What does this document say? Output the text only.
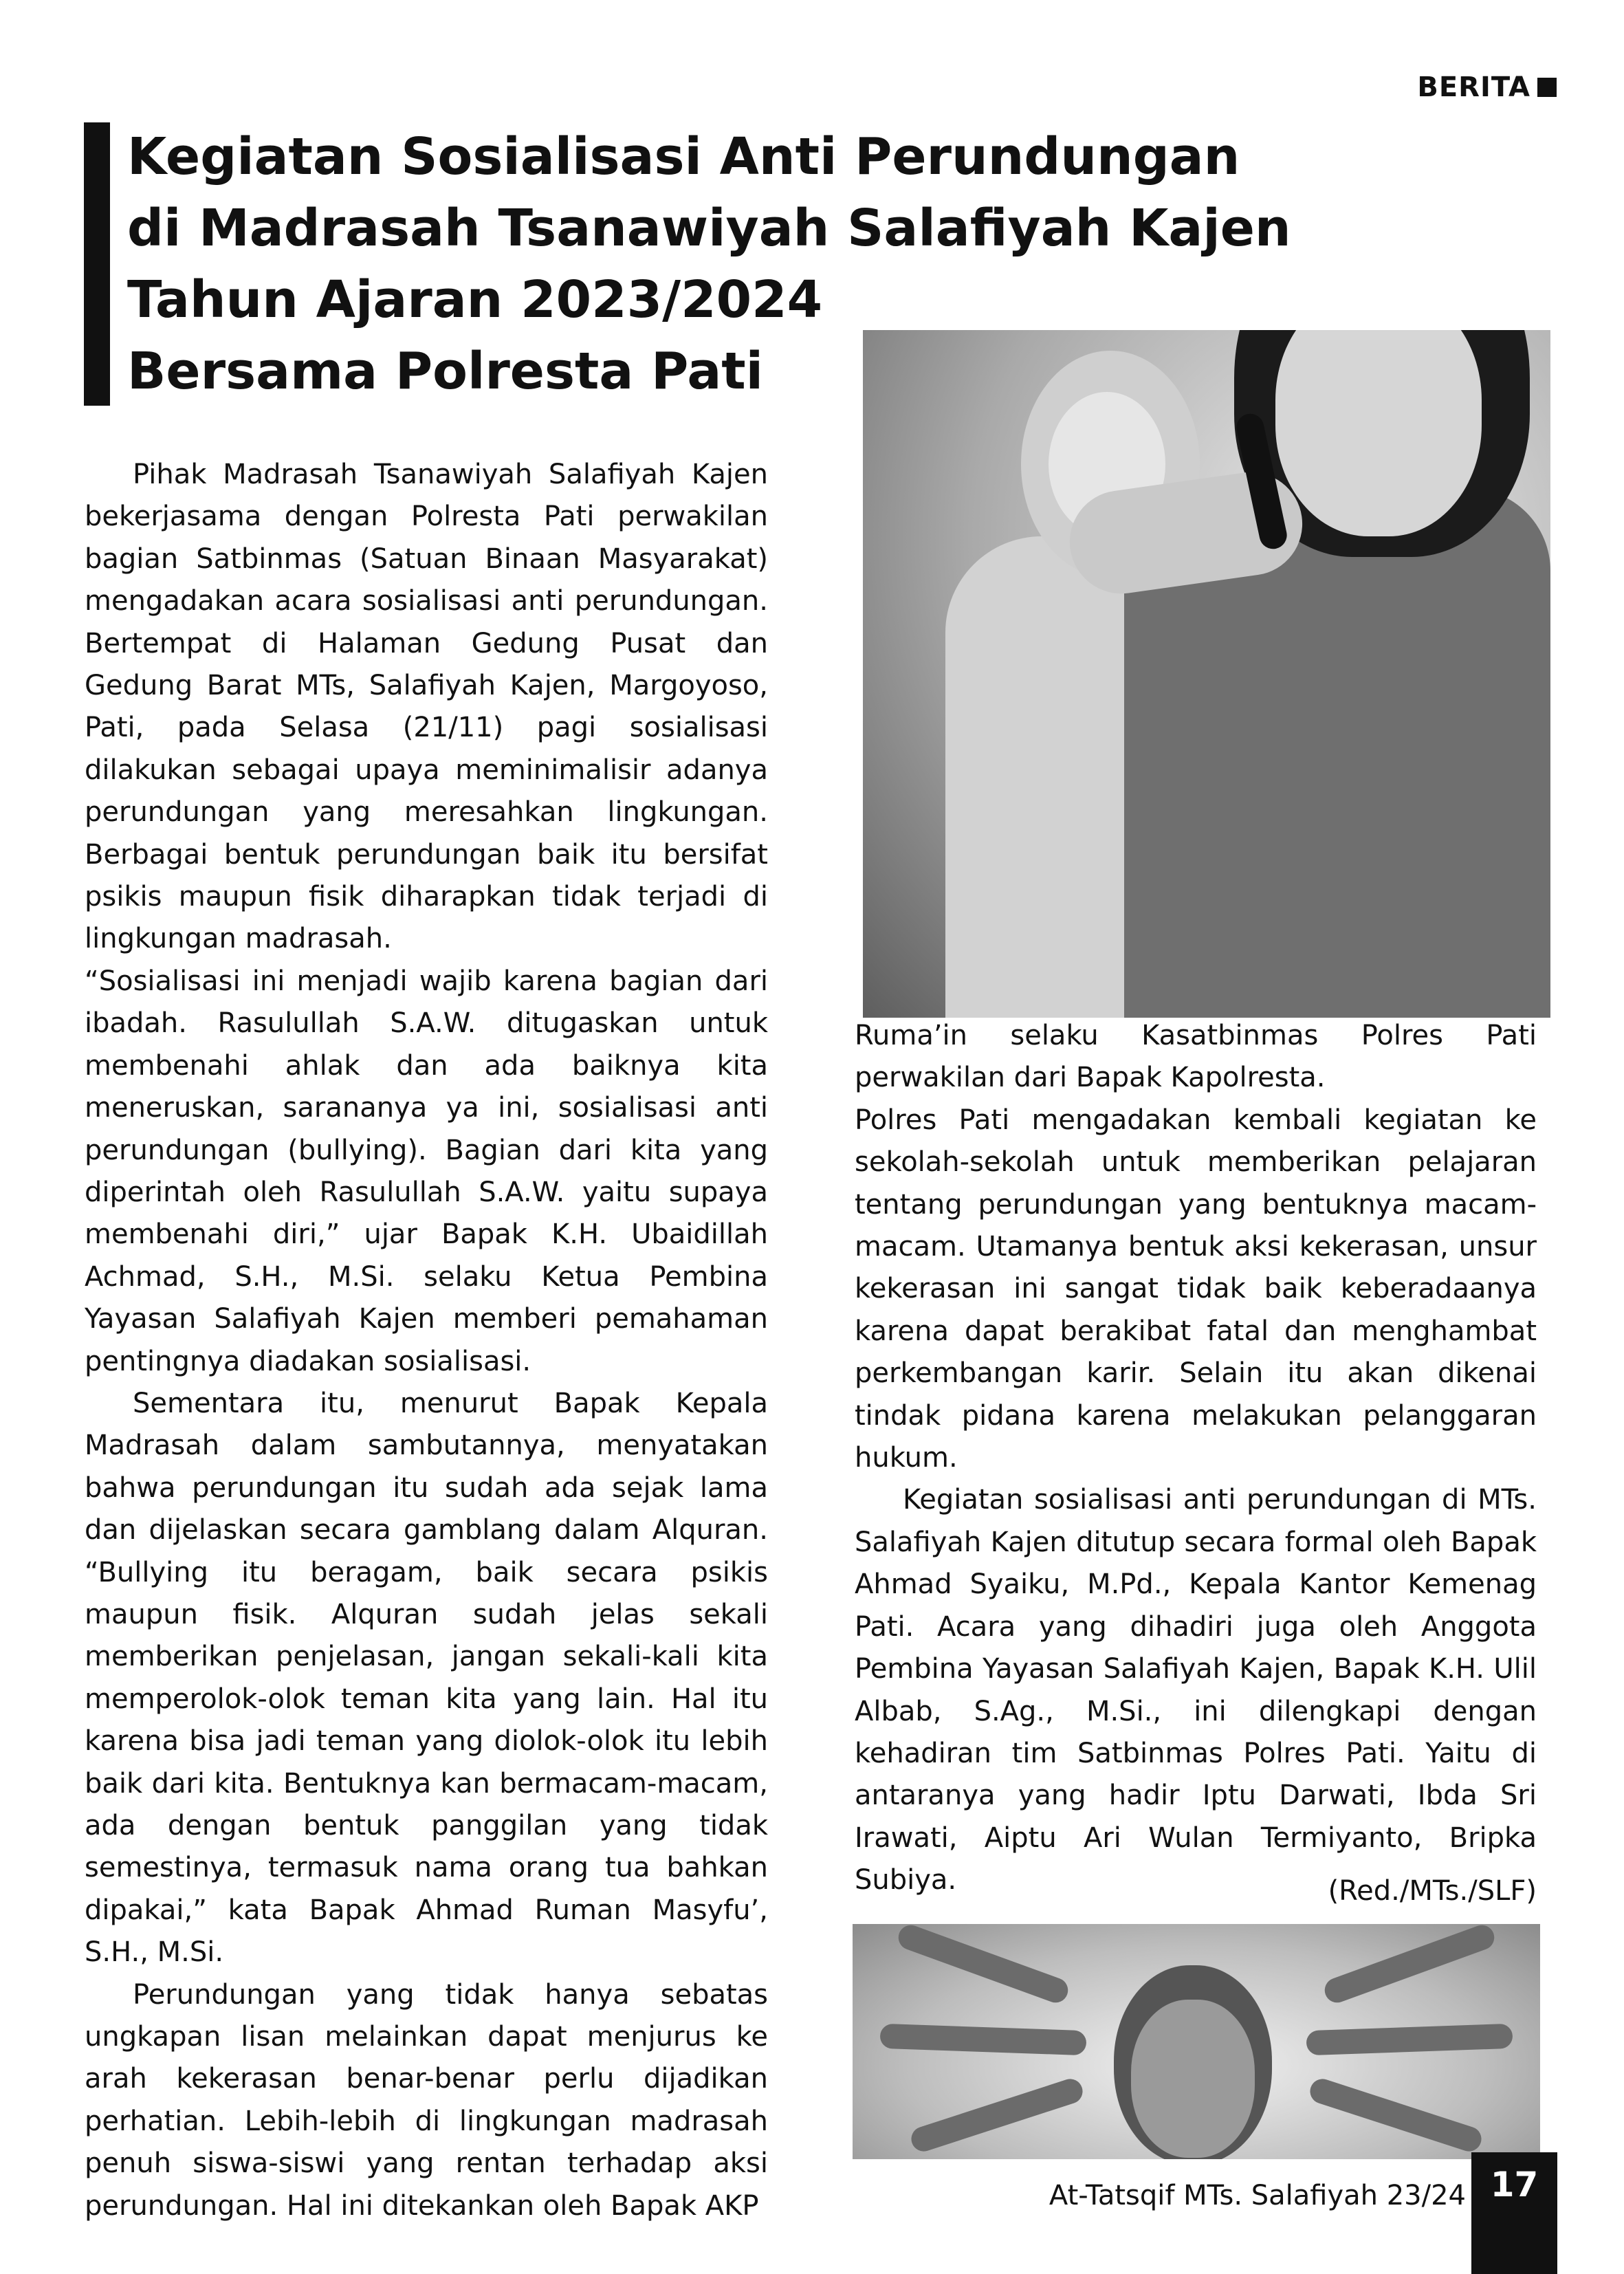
BERITA
Kegiatan Sosialisasi Anti Perundungan
di Madrasah Tsanawiyah Salafiyah Kajen
Tahun Ajaran 2023/2024
Bersama Polresta Pati

Pihak Madrasah Tsanawiyah Salafiyah Kajen bekerjasama dengan Polresta Pati perwakilan bagian Satbinmas (Satuan Binaan Masyarakat) mengadakan acara sosialisasi anti perundungan. Bertempat di Halaman Gedung Pusat dan Gedung Barat MTs, Salafiyah Kajen, Margoyoso, Pati, pada Selasa (21/11) pagi sosialisasi dilakukan sebagai upaya meminimalisir adanya perundungan yang meresahkan lingkungan. Berbagai bentuk perundungan baik itu bersifat psikis maupun fisik diharapkan tidak terjadi di lingkungan madrasah.

“Sosialisasi ini menjadi wajib karena bagian dari ibadah. Rasulullah S.A.W. ditugaskan untuk membenahi ahlak dan ada baiknya kita meneruskan, sarananya ya ini, sosialisasi anti perundungan (bullying). Bagian dari kita yang diperintah oleh Rasulullah S.A.W. yaitu supaya membenahi diri,” ujar Bapak K.H. Ubaidillah Achmad, S.H., M.Si. selaku Ketua Pembina Yayasan Salafiyah Kajen memberi pemahaman pentingnya diadakan sosialisasi.

Sementara itu, menurut Bapak Kepala Madrasah dalam sambutannya, menyatakan bahwa perundungan itu sudah ada sejak lama dan dijelaskan secara gamblang dalam Alquran. “Bullying itu beragam, baik secara psikis maupun fisik. Alquran sudah jelas sekali memberikan penjelasan, jangan sekali-kali kita memperolok-olok teman kita yang lain. Hal itu karena bisa jadi teman yang diolok-olok itu lebih baik dari kita. Bentuknya kan bermacam-macam, ada dengan bentuk panggilan yang tidak semestinya, termasuk nama orang tua bahkan dipakai,” kata Bapak Ahmad Ruman Masyfu’, S.H., M.Si.

Perundungan yang tidak hanya sebatas ungkapan lisan melainkan dapat menjurus ke arah kekerasan benar-benar perlu dijadikan perhatian. Lebih-lebih di lingkungan madrasah penuh siswa-siswi yang rentan terhadap aksi perundungan. Hal ini ditekankan oleh Bapak AKP

Ruma’in selaku Kasatbinmas Polres Pati perwakilan dari Bapak Kapolresta.

Polres Pati mengadakan kembali kegiatan ke sekolah-sekolah untuk memberikan pelajaran tentang perundungan yang bentuknya macam-macam. Utamanya bentuk aksi kekerasan, unsur kekerasan ini sangat tidak baik keberadaanya karena dapat berakibat fatal dan menghambat perkembangan karir. Selain itu akan dikenai tindak pidana karena melakukan pelanggaran hukum.

Kegiatan sosialisasi anti perundungan di MTs. Salafiyah Kajen ditutup secara formal oleh Bapak Ahmad Syaiku, M.Pd., Kepala Kantor Kemenag Pati. Acara yang dihadiri juga oleh Anggota Pembina Yayasan Salafiyah Kajen, Bapak K.H. Ulil Albab, S.Ag., M.Si., ini dilengkapi dengan kehadiran tim Satbinmas Polres Pati. Yaitu di antaranya yang hadir Iptu Darwati, Ibda Sri Irawati, Aiptu Ari Wulan Termiyanto, Bripka Subiya.	(Red./MTs./SLF)
At-Tatsqif MTs. Salafiyah 23/24 17
